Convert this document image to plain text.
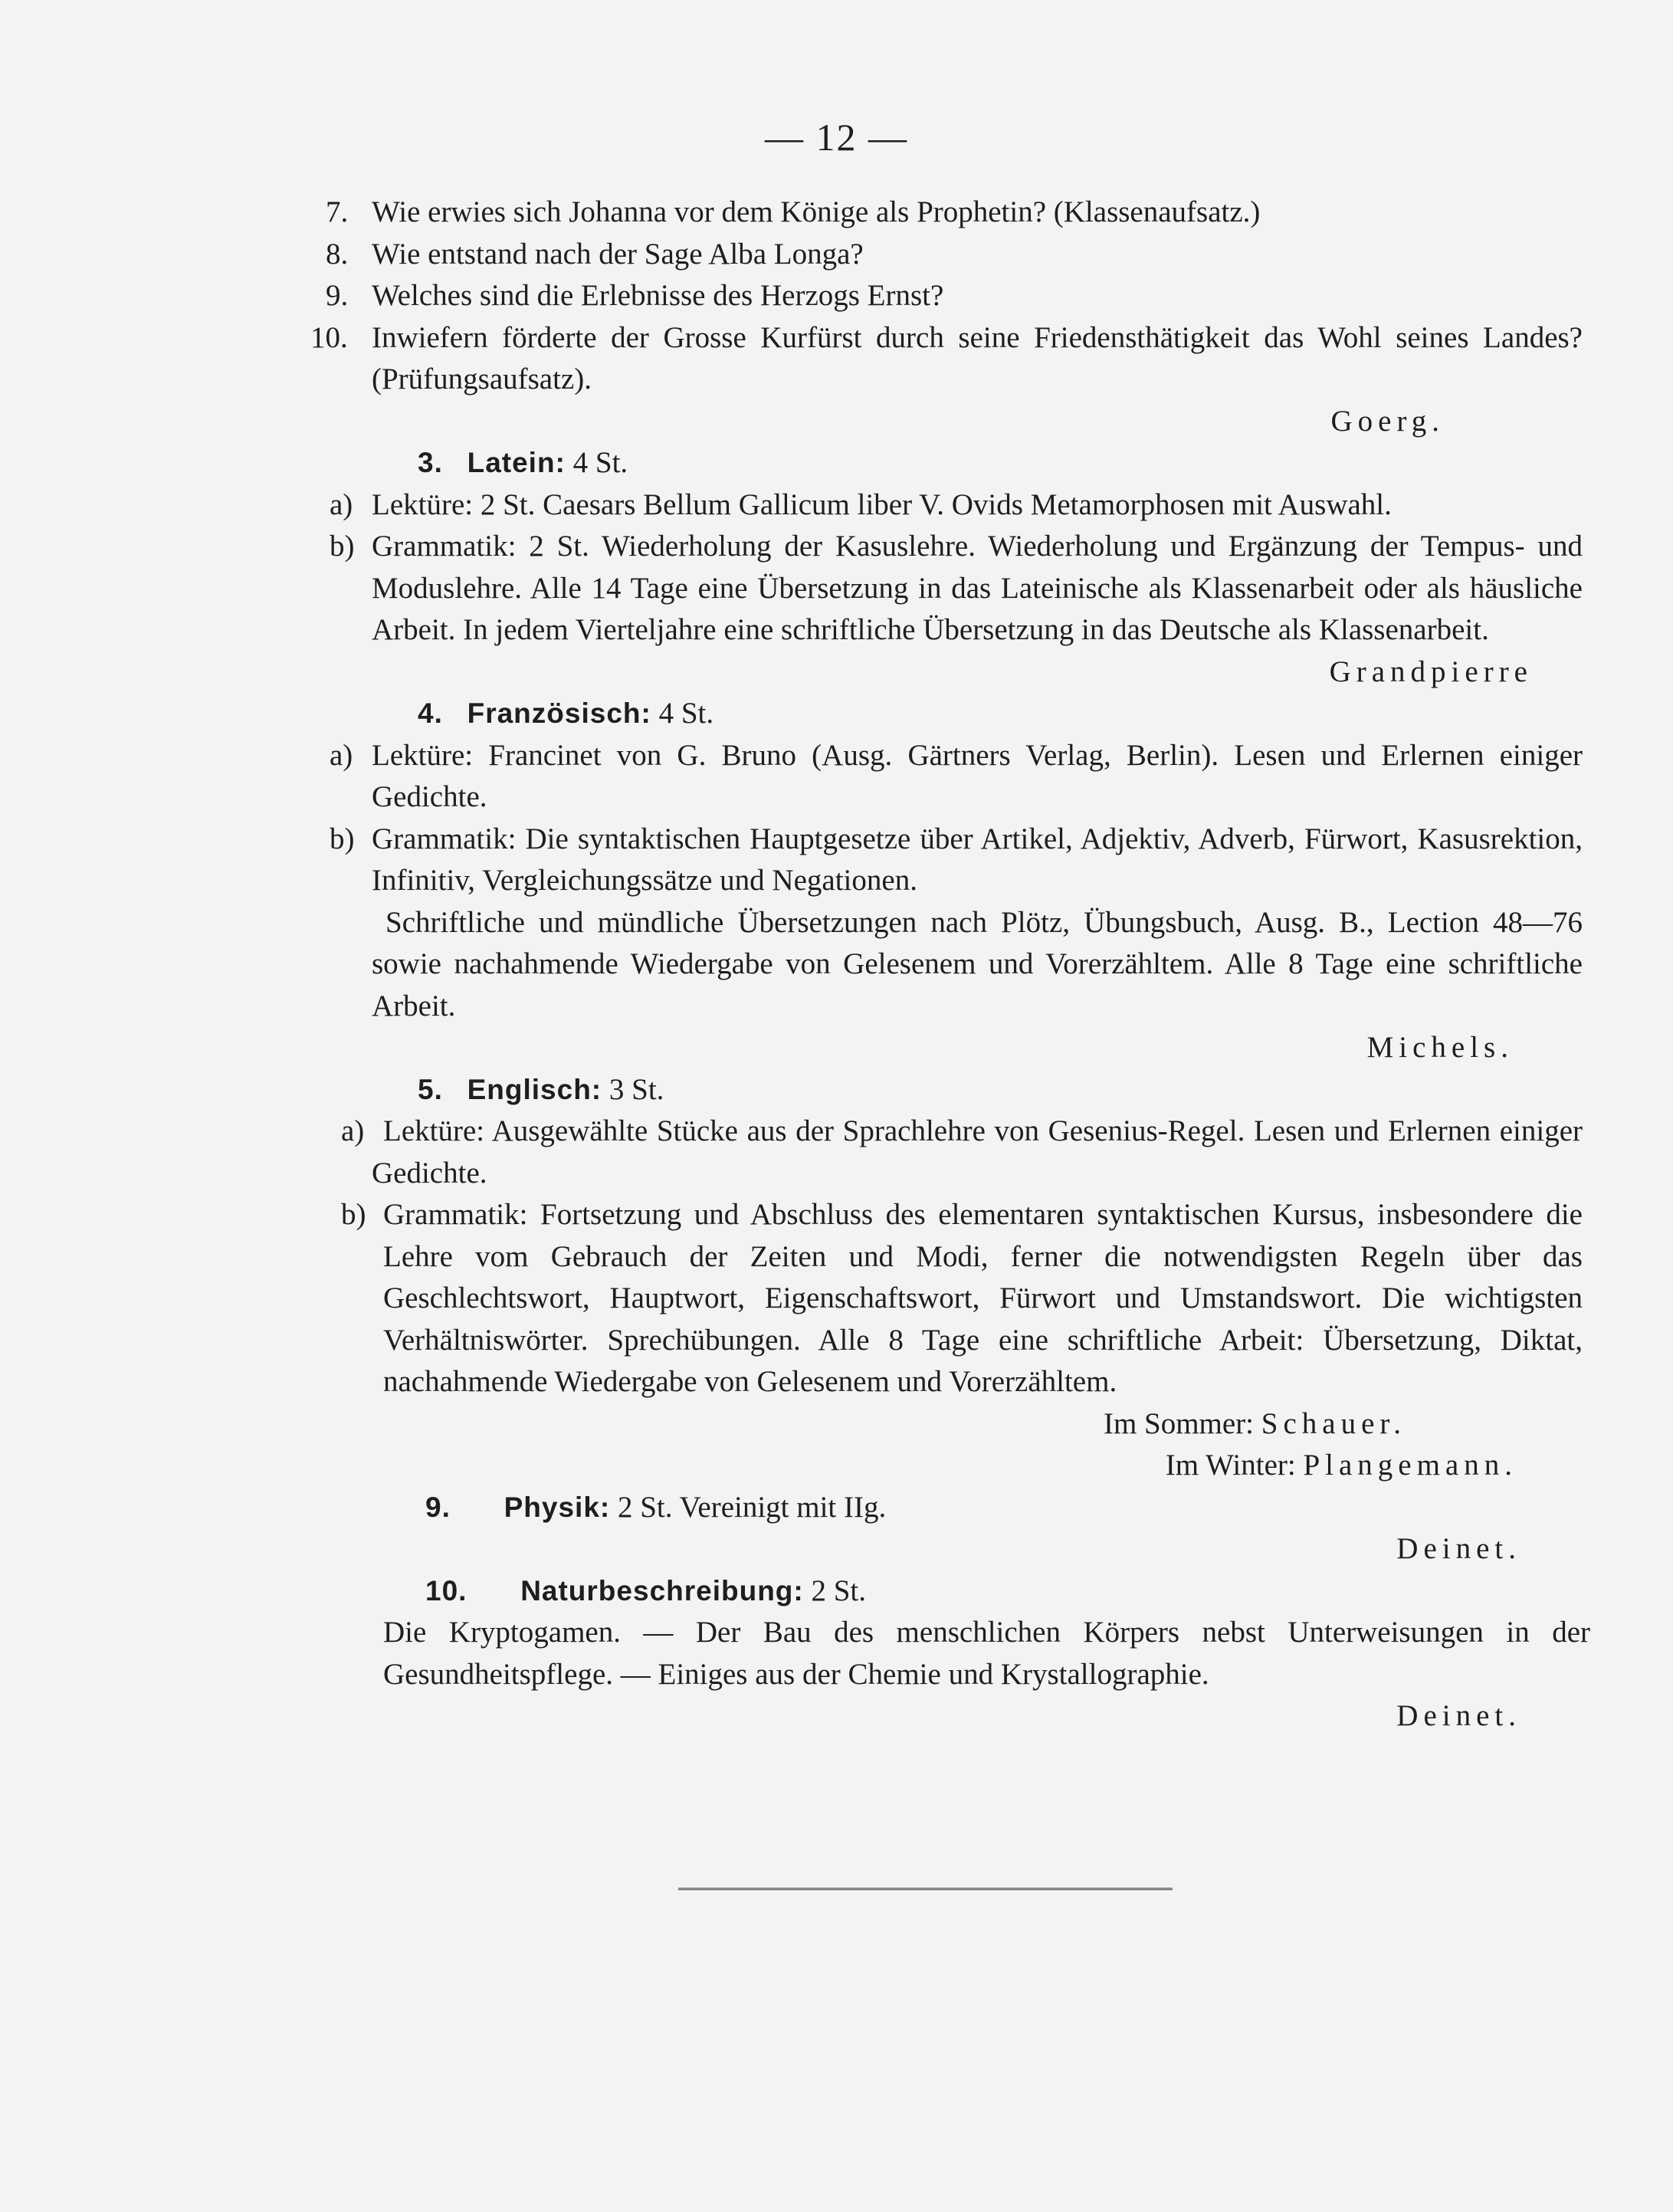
— 12 —
7. Wie erwies sich Johanna vor dem Könige als Prophetin? (Klassenaufsatz.)
8. Wie entstand nach der Sage Alba Longa?
9. Welches sind die Erlebnisse des Herzogs Ernst?
10. Inwiefern förderte der Grosse Kurfürst durch seine Friedensthätigkeit das Wohl seines Landes? (Prüfungsaufsatz).
Goerg.
3. Latein: 4 St.
a) Lektüre: 2 St. Caesars Bellum Gallicum liber V. Ovids Metamorphosen mit Auswahl.
b) Grammatik: 2 St. Wiederholung der Kasuslehre. Wiederholung und Ergänzung der Tempus- und Moduslehre. Alle 14 Tage eine Übersetzung in das Lateinische als Klassenarbeit oder als häusliche Arbeit. In jedem Vierteljahre eine schriftliche Übersetzung in das Deutsche als Klassenarbeit.
Grandpierre
4. Französisch: 4 St.
a) Lektüre: Francinet von G. Bruno (Ausg. Gärtners Verlag, Berlin). Lesen und Erlernen einiger Gedichte.
b) Grammatik: Die syntaktischen Hauptgesetze über Artikel, Adjektiv, Adverb, Fürwort, Kasusrektion, Infinitiv, Vergleichungssätze und Negationen.
Schriftliche und mündliche Übersetzungen nach Plötz, Übungsbuch, Ausg. B., Lection 48—76 sowie nachahmende Wiedergabe von Gelesenem und Vorerzähltem. Alle 8 Tage eine schriftliche Arbeit.
Michels.
5. Englisch: 3 St.
a) Lektüre: Ausgewählte Stücke aus der Sprachlehre von Gesenius-Regel. Lesen und Erlernen einiger Gedichte.
b) Grammatik: Fortsetzung und Abschluss des elementaren syntaktischen Kursus, insbesondere die Lehre vom Gebrauch der Zeiten und Modi, ferner die notwendigsten Regeln über das Geschlechtswort, Hauptwort, Eigenschaftswort, Fürwort und Umstandswort. Die wichtigsten Verhältniswörter. Sprechübungen. Alle 8 Tage eine schriftliche Arbeit: Übersetzung, Diktat, nachahmende Wiedergabe von Gelesenem und Vorerzähltem.
Im Sommer: Schauer.
Im Winter: Plangemann.
9. Physik: 2 St. Vereinigt mit IIg.
Deinet.
10. Naturbeschreibung: 2 St.
Die Kryptogamen. — Der Bau des menschlichen Körpers nebst Unterweisungen in der Gesundheitspflege. — Einiges aus der Chemie und Krystallographie.
Deinet.
